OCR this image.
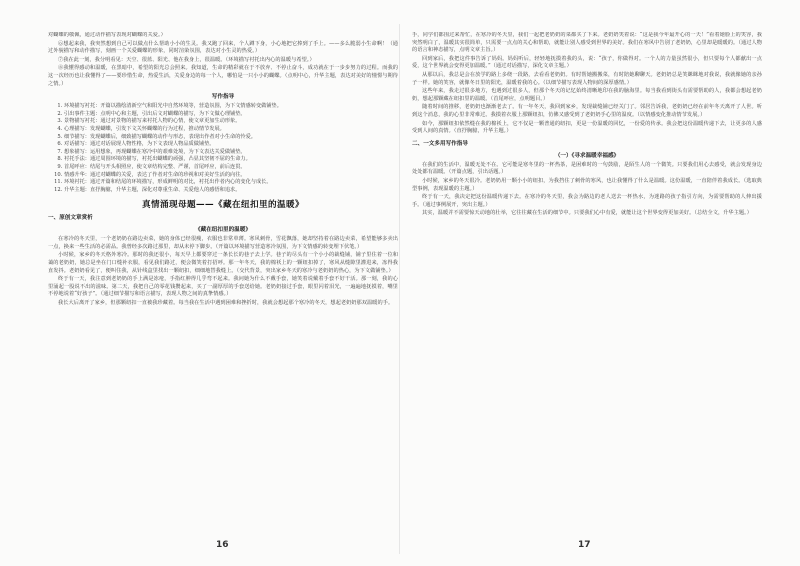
对蝴蝶的敬佩，通过动作描写表现对蝴蝶的关爱。）

⑥想起来我，我突然想到自己可以做点什么帮助小小的生灵。我又跑了回来，个人蹲下身，小心地把它捧到了手上。——多么脆弱小生命啊！（通过外貌描写和动作描写，刻画一个关爱蝴蝶的形象，同时渲染氛围，表达对小生灵的热爱。）

⑦我在此一刻，我分明看见：天空、很蓝、阳光、他在我身上，很温暖。（环境描写衬托出内心的温暖与希望。）

⑧我懂得感动和温暖，在黑暗中，希望的阳光总会照来。我知道，生命的精彩就在于不放弃、不停止奋斗，成功就在于一步步努力的过程。而我的这一次经历也让我懂得了——要珍惜生命，热爱生活，关爱身边的每一个人，哪怕是一只小小的蝴蝶。（点明中心，升华主题，表达对美好的憧憬与期待之情。）

写作指导
1. 环境描写衬托：开篇以描绘清新空气和阳光中自然环境等，营造氛围，为下文情感转变做铺垫。
2. 引出事件主题：点明中心和主题，引出后文对蝴蝶的描写，为下文做心理铺垫。
3. 景物描写衬托：通过对景物的描写来衬托人物的心情，使文章更加生动形象。
4. 心理描写：发现蝴蝶，引发下文关怀蝴蝶的行为过程，推动情节发展。
5. 细节描写：发现蝴蝶后，细致描写蝴蝶的动作与形态，表现出作者对小生命的怜爱。
6. 对话描写：通过对话展现人物性格，为下文表现人物品质做铺垫。
7. 想象描写：运用想象，再现蝴蝶在寒冷中的艰难处境，为下文表达关爱做铺垫。
8. 衬托手法：通过周围环境的描写，衬托出蝴蝶的顽强，凸显其坚韧不屈的生命力。
9. 首尾呼应：结尾与开头相照应，使文章结构完整、严谨，首尾呼应，前后连贯。
10. 情感升华：通过对蝴蝶的关爱，表达了作者对生命的珍视和对美好生活的向往。
11. 环境衬托：通过开篇和结尾的环境描写，形成鲜明的对比，衬托出作者内心的变化与成长。
12. 升华主题：直抒胸臆，升华主题，深化对尊重生命、关爱他人的感悟和追求。
真情涌现母题——《藏在纽扣里的温暖》
一、原创文章赏析
《藏在纽扣里的温暖》

在寒冷的冬天里，一个老奶奶在路边卖菜，她的身体已经很瘦，衣服也非常单薄。寒风刺骨，雪花飘落，她却坚持着在路边卖菜，希望能够多卖出一点，换来一些生活的必需品。我曾经多次路过那里，却从未停下脚步。（开篇以环境描写营造寒冷氛围，为下文情感的转变埋下伏笔。）

小时候，家乡的冬天格外寒冷。那时的我还很小，每天早上都要穿过一条长长的巷子去上学。巷子的尽头有一个小小的裁缝铺，铺子里住着一位和蔼的老奶奶，她总是坐在门口缝补衣服，看见我们路过，便会微笑着打招呼。那一年冬天，我的棉袄上的一颗纽扣掉了，寒风从缝隙里灌进来，冻得我直发抖。老奶奶看见了，便叫住我，从针线盒里找出一颗纽扣，细细地替我缝上。（交代背景，突出家乡冬天的寒冷与老奶奶的热心，为下文做铺垫。）

终于有一天，我注意到老奶奶的手上满是冻疮，手指红肿得几乎弯不起来。我问她为什么不戴手套，她笑着说戴着手套不好干活。那一刻，我的心里涌起一股说不出的滋味。第二天，我把自己的零花钱攒起来，买了一副厚厚的手套送给她。老奶奶接过手套，眼里闪着泪光，一遍遍地抚摸着，嘴里不停地说着“好孩子”。（通过细节描写和语言描写，表现人物之间的真挚情感。）

我长大后离开了家乡，但那颗纽扣一直被我珍藏着。每当我在生活中遇到困难和挫折时，我就会想起那个寒冷的冬天，想起老奶奶那双温暖的手。

手，同学们都围过来帮忙，在寒冷的冬天里，我们一起把老奶奶的菜都买了下来。老奶奶笑着说：“这是我今年最开心的一天！”看着她脸上的笑容，我突然明白了，温暖其实很简单，只需要一点点的关心和帮助，就能让别人感受到世界的美好。我们在寒风中告别了老奶奶，心里却是暖暖的。（通过人物的语言和神态描写，点明文章主旨。）

回到家后，我把这件事告诉了妈妈。妈妈听后，轻轻地抚摸着我的头，说：“孩子，你做得对。一个人的力量虽然很小，但只要每个人都献出一点爱，这个世界就会变得更加温暖。”（通过对话描写，深化文章主题。）

从那以后，我总是会在放学的路上多绕一段路，去看看老奶奶。有时帮她搬搬菜，有时陪她聊聊天。老奶奶总是笑眯眯地对我说，我就像她的亲孙子一样。她的笑容，就像冬日里的阳光，温暖着我的心。（以细节描写表现人物间的深厚感情。）

这些年来，我走过很多地方，也遇到过很多人，但那个冬天的记忆始终清晰地印在我的脑海里。每当我看到街头有需要帮助的人，我都会想起老奶奶，想起那颗藏在纽扣里的温暖。（首尾呼应，点明题目。）

随着时间的推移，老奶奶也渐渐老去了。有一年冬天，我回到家乡，发现裁缝铺已经关门了。邻居告诉我，老奶奶已经在前年冬天离开了人世。听到这个消息，我的心里非常难过。我摸着衣服上那颗纽扣，仿佛又感受到了老奶奶手心里的温度。（以情感变化推动情节发展。）

如今，那颗纽扣依然缝在我的棉袄上，它不仅是一颗普通的纽扣，更是一份温暖的回忆，一份爱的传承。我会把这份温暖传递下去，让更多的人感受到人间的真情。（直抒胸臆，升华主题。）

二、一文多用写作指导
（一）《寻求温暖幸福感》

在我们的生活中，温暖无处不在。它可能是寒冬里的一杯热茶，是困难时的一句鼓励，是陌生人的一个微笑。只要我们用心去感受，就会发现身边处处都有温暖。（开篇点题，引出话题。）

小时候，家乡的冬天很冷。老奶奶用一颗小小的纽扣，为我挡住了刺骨的寒风，也让我懂得了什么是温暖。这份温暖，一直陪伴着我成长。（选取典型事例，表现温暖的主题。）

终于有一天，我决定把这份温暖传递下去。在寒冷的冬天里，我会为路边的老人送去一杯热水，为迷路的孩子指引方向，为需要帮助的人伸出援手。（通过事例展开，突出主题。）

其实，温暖并不需要惊天动地的壮举，它往往藏在生活的细节中。只要我们心中有爱，就能让这个世界变得更加美好。（总结全文，升华主题。）

16	17
